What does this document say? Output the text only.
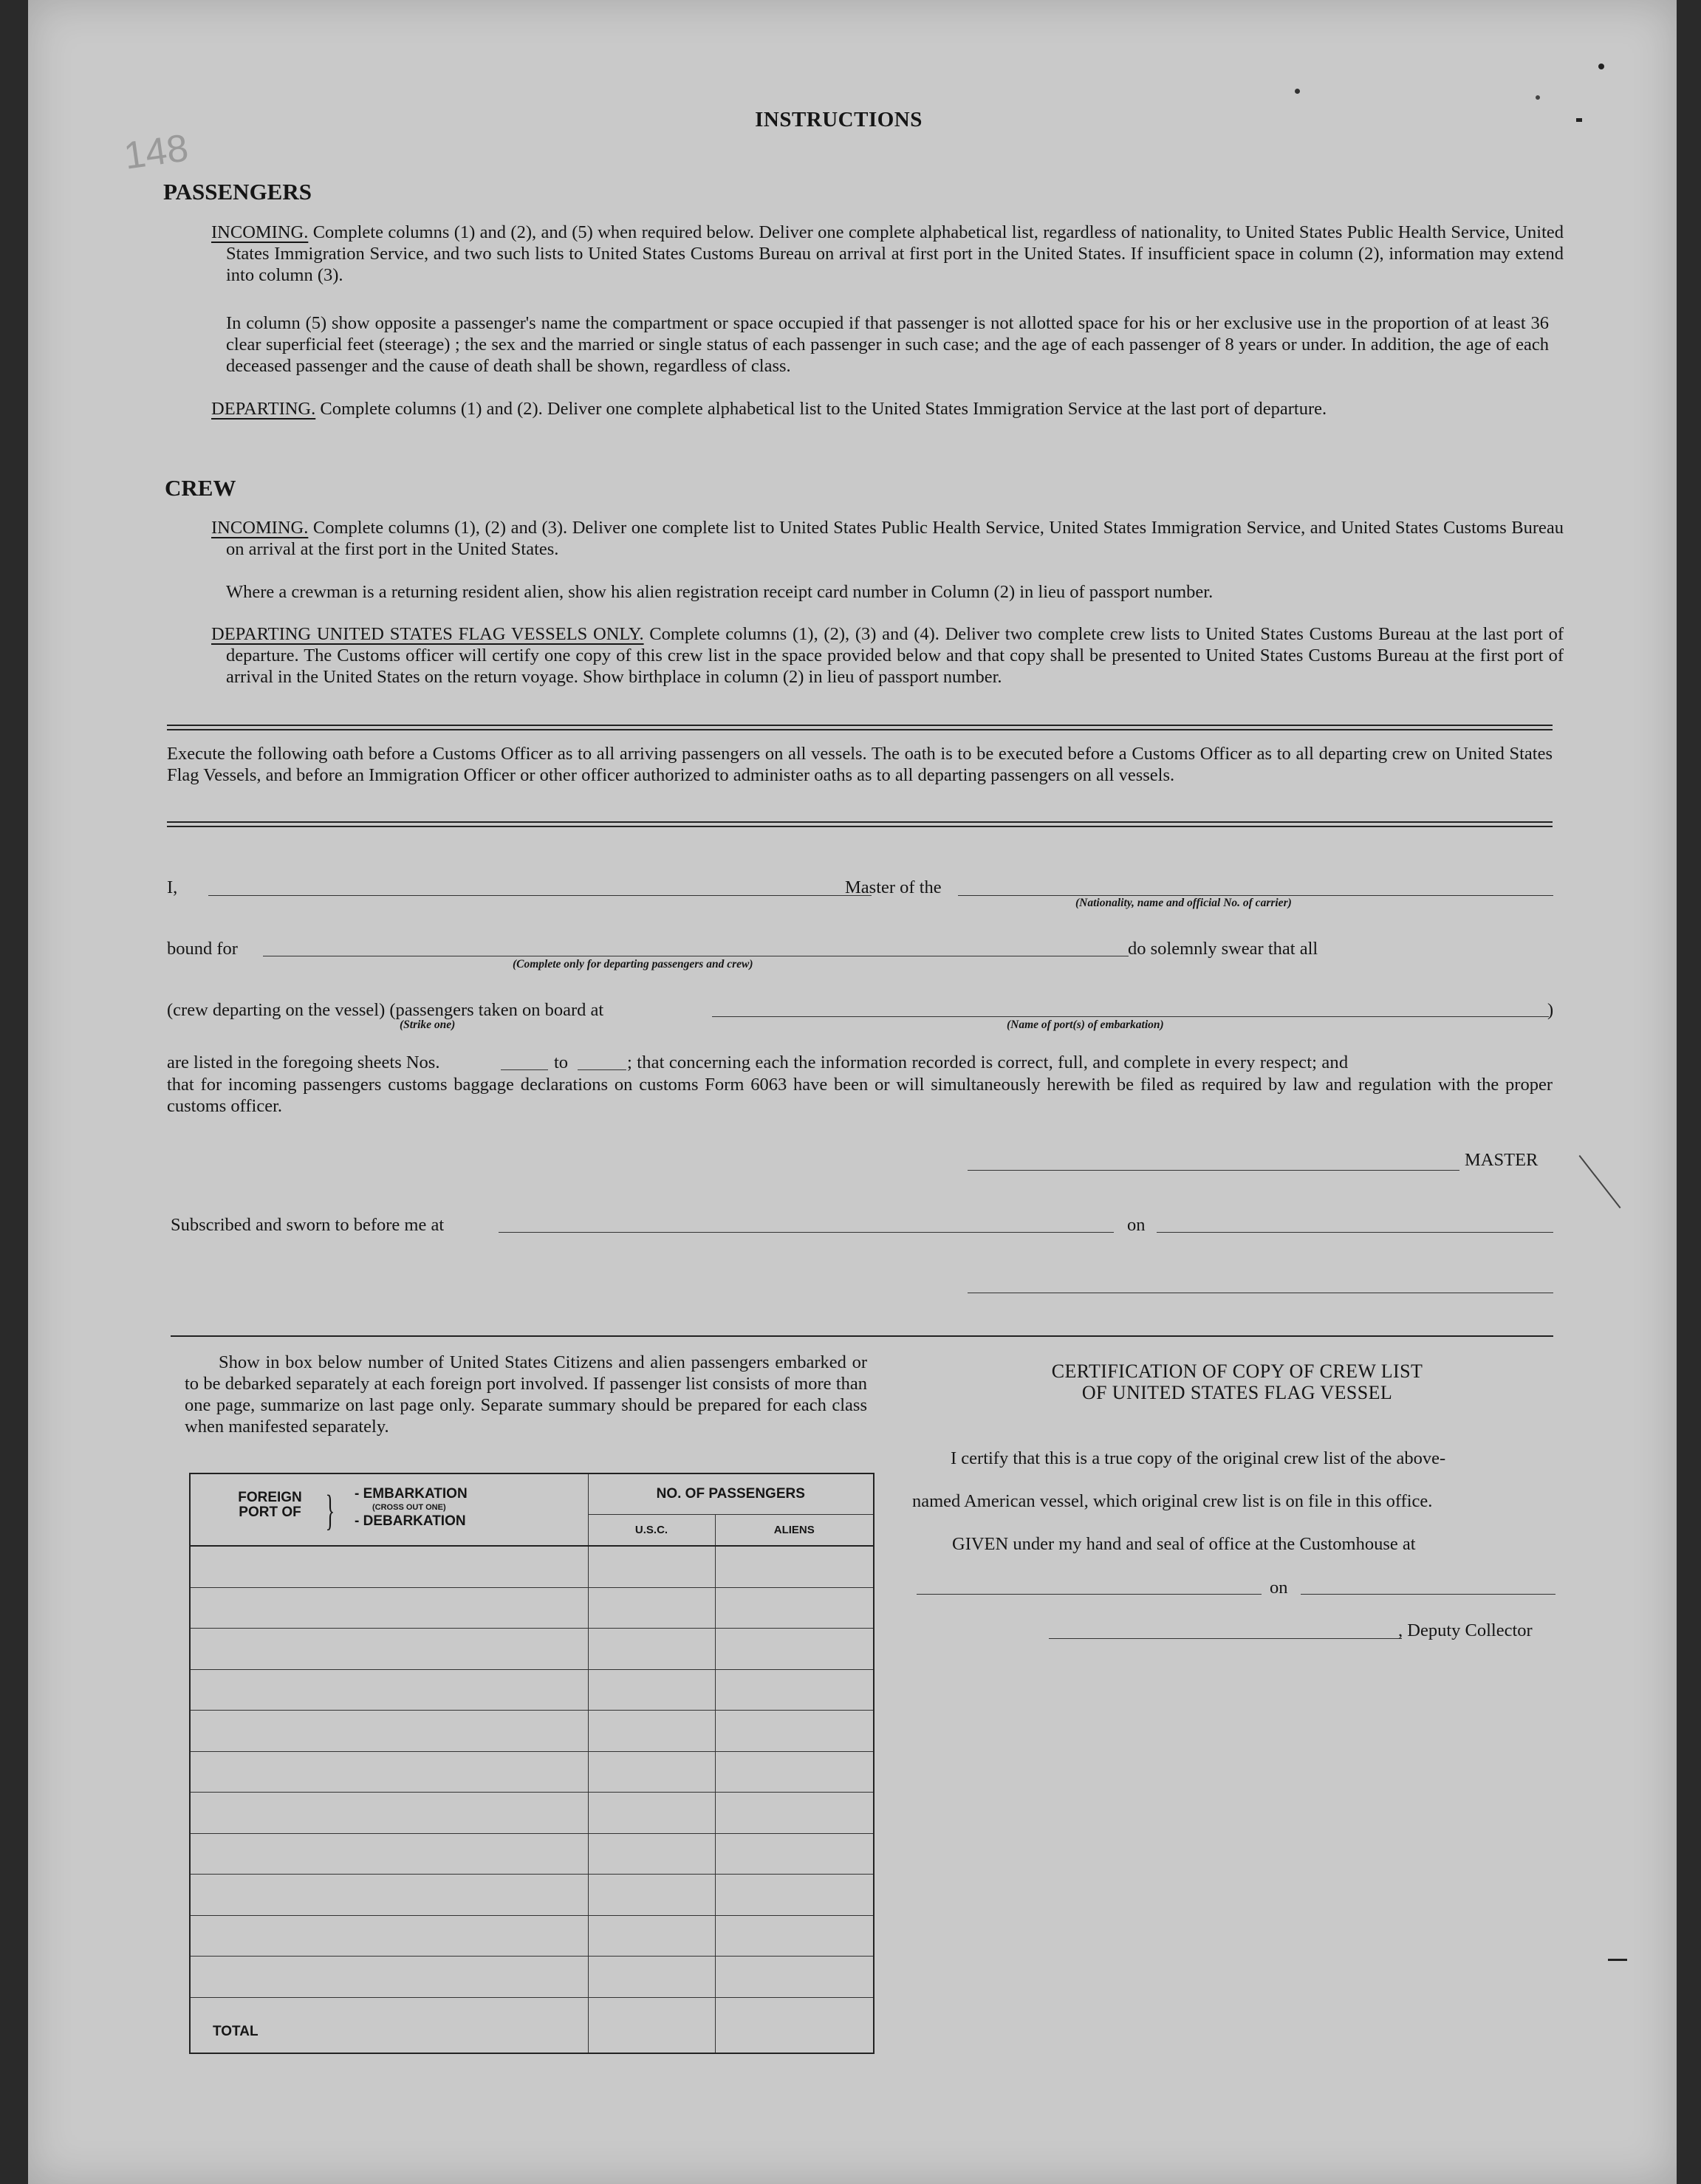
148
INSTRUCTIONS
PASSENGERS
INCOMING. Complete columns (1) and (2), and (5) when required below. Deliver one complete alphabetical list, regardless of nationality, to United States Public Health Service, United States Immigration Service, and two such lists to United States Customs Bureau on arrival at first port in the United States. If insufficient space in column (2), information may extend into column (3).
In column (5) show opposite a passenger's name the compartment or space occupied if that passenger is not allotted space for his or her exclusive use in the proportion of at least 36 clear superficial feet (steerage) ; the sex and the married or single status of each passenger in such case; and the age of each passenger of 8 years or under. In addition, the age of each deceased passenger and the cause of death shall be shown, regardless of class.
DEPARTING. Complete columns (1) and (2). Deliver one complete alphabetical list to the United States Immigration Service at the last port of departure.
CREW
INCOMING. Complete columns (1), (2) and (3). Deliver one complete list to United States Public Health Service, United States Immigration Service, and United States Customs Bureau on arrival at the first port in the United States.
Where a crewman is a returning resident alien, show his alien registration receipt card number in Column (2) in lieu of passport number.
DEPARTING UNITED STATES FLAG VESSELS ONLY. Complete columns (1), (2), (3) and (4). Deliver two complete crew lists to United States Customs Bureau at the last port of departure. The Customs officer will certify one copy of this crew list in the space provided below and that copy shall be presented to United States Customs Bureau at the first port of arrival in the United States on the return voyage. Show birthplace in column (2) in lieu of passport number.
Execute the following oath before a Customs Officer as to all arriving passengers on all vessels. The oath is to be executed before a Customs Officer as to all departing crew on United States Flag Vessels, and before an Immigration Officer or other officer authorized to administer oaths as to all departing passengers on all vessels.
I,	Master of the
(Nationality, name and official No. of carrier)
bound for
(Complete only for departing passengers and crew)
do solemnly swear that all
(crew departing on the vessel) (passengers taken on board at	)
(Strike one)	(Name of port(s) of embarkation)
are listed in the foregoing sheets Nos.	to	; that concerning each the information recorded is correct, full, and complete in every respect; and
that for incoming passengers customs baggage declarations on customs Form 6063 have been or will simultaneously herewith be filed as required by law and regulation with the proper customs officer.
MASTER
Subscribed and sworn to before me at	on
Show in box below number of United States Citizens and alien passengers embarked or to be debarked separately at each foreign port involved. If passenger list consists of more than one page, summarize on last page only. Separate summary should be prepared for each class when manifested separately.
FOREIGN PORT OF } - EMBARKATION
(CROSS OUT ONE)
- DEBARKATION	NO. OF PASSENGERS	
	U.S.C.	ALIENS

TOTAL		
CERTIFICATION OF COPY OF CREW LIST
OF UNITED STATES FLAG VESSEL
I certify that this is a true copy of the original crew list of the above-
named American vessel, which original crew list is on file in this office.
GIVEN under my hand and seal of office at the Customhouse at
on
, Deputy Collector
